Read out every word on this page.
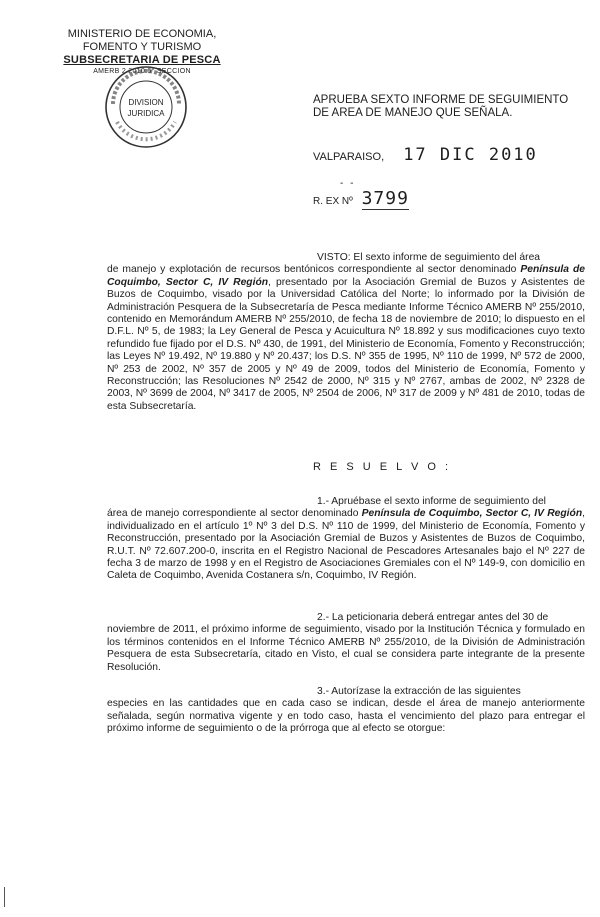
MINISTERIO DE ECONOMIA,
FOMENTO Y TURISMO
SUBSECRETARIA DE PESCA
AMERB 2 2010 6° SECCION
DIVISION
JURIDICA
APRUEBA SEXTO INFORME DE SEGUIMIENTO DE AREA DE MANEJO QUE SEÑALA.
VALPARAISO, 17 DIC 2010
- -
R. EX Nº 3799
VISTO: El sexto informe de seguimiento del área
de manejo y explotación de recursos bentónicos correspondiente al sector denominado Península de Coquimbo, Sector C, IV Región, presentado por la Asociación Gremial de Buzos y Asistentes de Buzos de Coquimbo, visado por la Universidad Católica del Norte; lo informado por la División de Administración Pesquera de la Subsecretaría de Pesca mediante Informe Técnico AMERB Nº 255/2010, contenido en Memorándum AMERB Nº 255/2010, de fecha 18 de noviembre de 2010; lo dispuesto en el D.F.L. Nº 5, de 1983; la Ley General de Pesca y Acuicultura Nº 18.892 y sus modificaciones cuyo texto refundido fue fijado por el D.S. Nº 430, de 1991, del Ministerio de Economía, Fomento y Reconstrucción; las Leyes Nº 19.492, Nº 19.880 y Nº 20.437; los D.S. Nº 355 de 1995, Nº 110 de 1999, Nº 572 de 2000, Nº 253 de 2002, Nº 357 de 2005 y Nº 49 de 2009, todos del Ministerio de Economía, Fomento y Reconstrucción; las Resoluciones Nº 2542 de 2000, Nº 315 y Nº 2767, ambas de 2002, Nº 2328 de 2003, Nº 3699 de 2004, Nº 3417 de 2005, Nº 2504 de 2006, Nº 317 de 2009 y Nº 481 de 2010, todas de esta Subsecretaría.
R E S U E L V O :
1.- Apruébase el sexto informe de seguimiento del
área de manejo correspondiente al sector denominado Península de Coquimbo, Sector C, IV Región, individualizado en el artículo 1º Nº 3 del D.S. Nº 110 de 1999, del Ministerio de Economía, Fomento y Reconstrucción, presentado por la Asociación Gremial de Buzos y Asistentes de Buzos de Coquimbo, R.U.T. Nº 72.607.200-0, inscrita en el Registro Nacional de Pescadores Artesanales bajo el Nº 227 de fecha 3 de marzo de 1998 y en el Registro de Asociaciones Gremiales con el Nº 149-9, con domicilio en Caleta de Coquimbo, Avenida Costanera s/n, Coquimbo, IV Región.
2.- La peticionaria deberá entregar antes del 30 de
noviembre de 2011, el próximo informe de seguimiento, visado por la Institución Técnica y formulado en los términos contenidos en el Informe Técnico AMERB Nº 255/2010, de la División de Administración Pesquera de esta Subsecretaría, citado en Visto, el cual se considera parte integrante de la presente Resolución.
3.- Autorízase la extracción de las siguientes
especies en las cantidades que en cada caso se indican, desde el área de manejo anteriormente señalada, según normativa vigente y en todo caso, hasta el vencimiento del plazo para entregar el próximo informe de seguimiento o de la prórroga que al efecto se otorgue:
